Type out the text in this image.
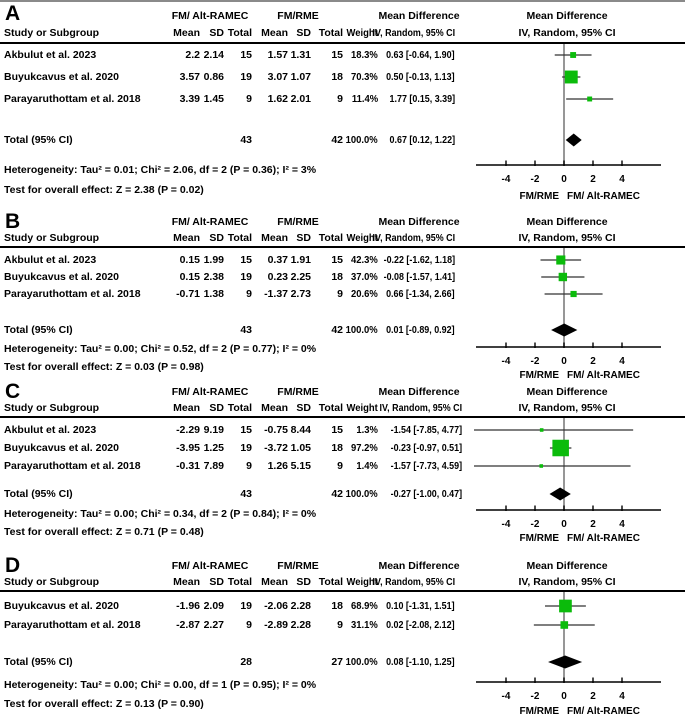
A	FM/ Alt-RAMEC	FM/RME	Mean Difference	Mean Difference
IV, Random, 95% CI
Study or Subgroup	Mean SD Total Mean SD Total Weight
IV, Random, 95% CI
Akbulut et al. 2023	2.2 2.14 15 1.57 1.31 15 18.3% 0.63 [-0.64, 1.90]
Buyukcavus et al. 2020	3.57 0.86 19 3.07 1.07 18 70.3% 0.50 [-0.13, 1.13]
Parayaruthottam et al. 2018	3.39 1.45 9 1.62 2.01 9 11.4% 1.77 [0.15, 3.39]
Total (95% CI)	43	42 100.0% 0.67 [0.12, 1.22]
Heterogeneity: Tau² = 0.01; Chi² = 2.06, df = 2 (P = 0.36); I² = 3%
Test for overall effect: Z = 2.38 (P = 0.02)
-4 -2 0 2 4
FM/RME FM/ Alt-RAMEC
B	FM/ Alt-RAMEC	FM/RME	Mean Difference	Mean Difference
IV, Random, 95% CI
Study or Subgroup	Mean SD Total Mean SD Total Weight
IV, Random, 95% CI
Akbulut et al. 2023	0.15 1.99 15 0.37 1.91 15 42.3% -0.22 [-1.62, 1.18]
Buyukcavus et al. 2020	0.15 2.38 19 0.23 2.25 18 37.0% -0.08 [-1.57, 1.41]
Parayaruthottam et al. 2018	-0.71 1.38 9 -1.37 2.73 9 20.6% 0.66 [-1.34, 2.66]
Total (95% CI)	43	42 100.0% 0.01 [-0.89, 0.92]
Heterogeneity: Tau² = 0.00; Chi² = 0.52, df = 2 (P = 0.77); I² = 0%
Test for overall effect: Z = 0.03 (P = 0.98)	-4 -2 0 2 4
FM/RME FM/ Alt-RAMEC
C	FM/ Alt-RAMEC	FM/RME	Mean Difference	Mean Difference
IV, Random, 95% CI
Study or Subgroup	Mean SD Total Mean SD Total Weight IV, Random, 95% CI
Akbulut et al. 2023	-2.29 9.19 15 -0.75 8.44 15 1.3% -1.54 [-7.85, 4.77]
Buyukcavus et al. 2020	-3.95 1.25 19 -3.72 1.05 18 97.2% -0.23 [-0.97, 0.51]
Parayaruthottam et al. 2018	-0.31 7.89 9 1.26 5.15 9 1.4% -1.57 [-7.73, 4.59]
Total (95% CI)	43	42 100.0% -0.27 [-1.00, 0.47]
Heterogeneity: Tau² = 0.00; Chi² = 0.34, df = 2 (P = 0.84); I² = 0%
Test for overall effect: Z = 0.71 (P = 0.48)
-4 -2 0 2 4
FM/RME FM/ Alt-RAMEC
D	FM/ Alt-RAMEC	FM/RME	Mean Difference	Mean Difference
IV, Random, 95% CI
Study or Subgroup	Mean SD Total Mean SD Total Weight
IV, Random, 95% CI
Buyukcavus et al. 2020	-1.96 2.09 19 -2.06 2.28 18 68.9% 0.10 [-1.31, 1.51]
Parayaruthottam et al. 2018	-2.87 2.27 9 -2.89 2.28 9 31.1% 0.02 [-2.08, 2.12]
Total (95% CI)	28	27 100.0% 0.08 [-1.10, 1.25]
Heterogeneity: Tau² = 0.00; Chi² = 0.00, df = 1 (P = 0.95); I² = 0%
Test for overall effect: Z = 0.13 (P = 0.90)
-4 -2 0 2 4
FM/RME FM/ Alt-RAMEC
